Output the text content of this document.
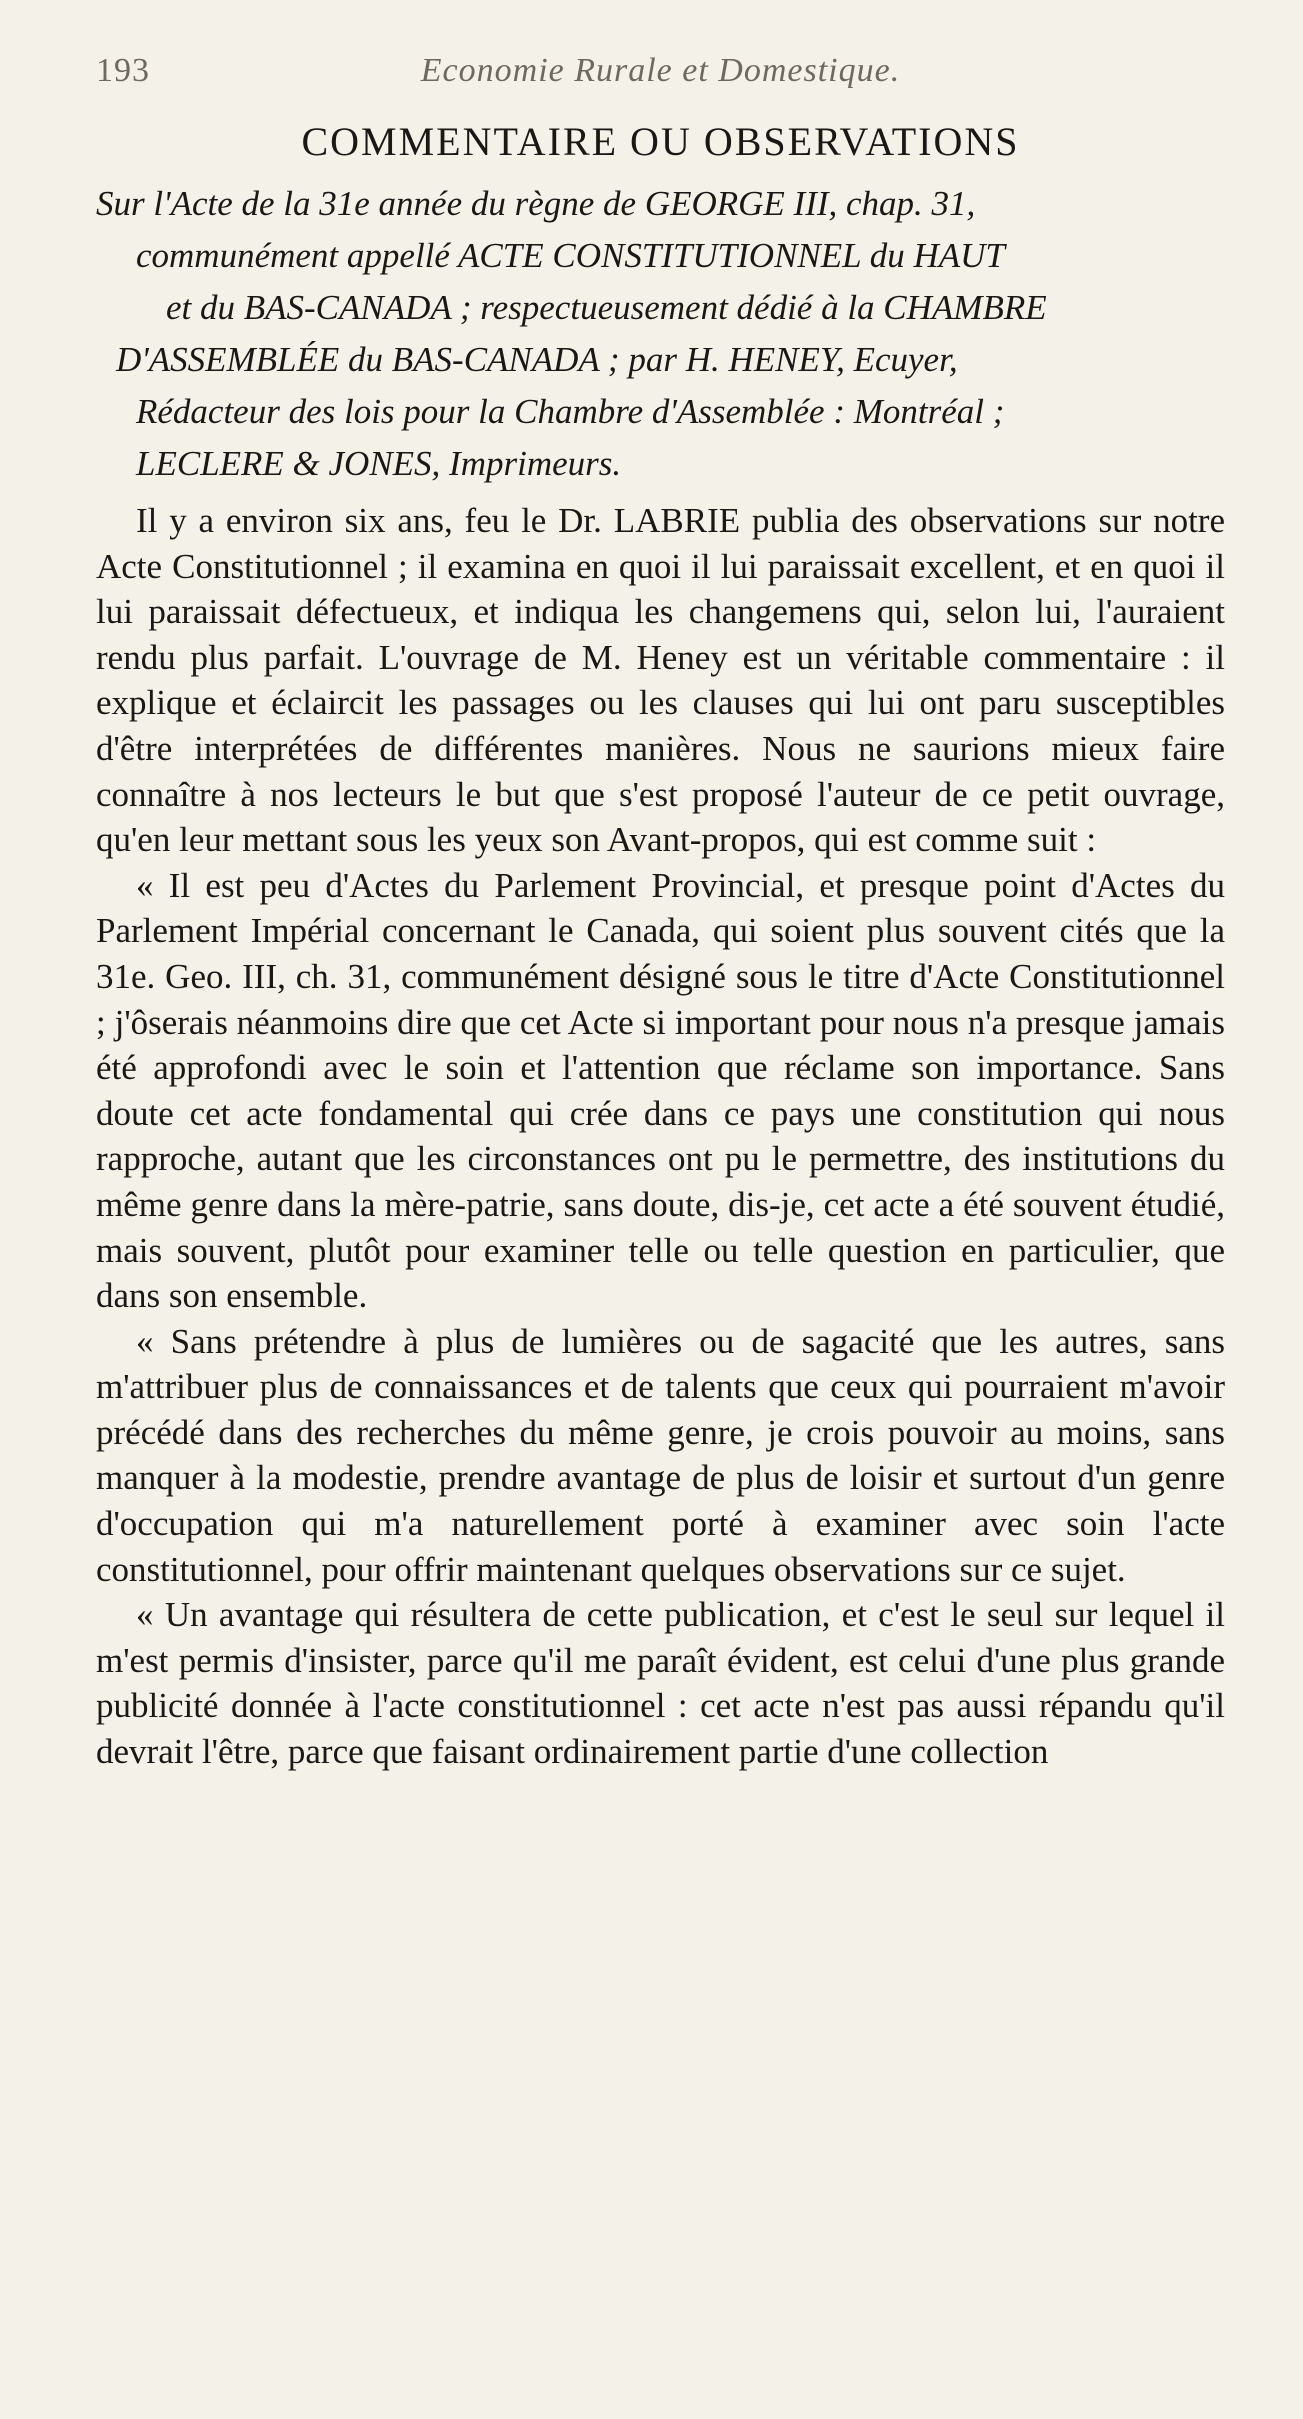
193	Economie Rurale et Domestique.
COMMENTAIRE OU OBSERVATIONS
Sur l'Acte de la 31e année du règne de GEORGE III, chap. 31,
communément appellé ACTE CONSTITUTIONNEL du HAUT
et du BAS-CANADA ; respectueusement dédié à la CHAMBRE
D'ASSEMBLÉE du BAS-CANADA ; par H. HENEY, Ecuyer,
Rédacteur des lois pour la Chambre d'Assemblée : Montréal ;
LECLERE & JONES, Imprimeurs.

Il y a environ six ans, feu le Dr. LABRIE publia des observations sur notre Acte Constitutionnel ; il examina en quoi il lui paraissait excellent, et en quoi il lui paraissait défectueux, et indiqua les changemens qui, selon lui, l'auraient rendu plus parfait. L'ouvrage de M. Heney est un véritable commentaire : il explique et éclaircit les passages ou les clauses qui lui ont paru susceptibles d'être interprétées de différentes manières. Nous ne saurions mieux faire connaître à nos lecteurs le but que s'est proposé l'auteur de ce petit ouvrage, qu'en leur mettant sous les yeux son Avant-propos, qui est comme suit :

« Il est peu d'Actes du Parlement Provincial, et presque point d'Actes du Parlement Impérial concernant le Canada, qui soient plus souvent cités que la 31e. Geo. III, ch. 31, communément désigné sous le titre d'Acte Constitutionnel ; j'ôserais néanmoins dire que cet Acte si important pour nous n'a presque jamais été approfondi avec le soin et l'attention que réclame son importance. Sans doute cet acte fondamental qui crée dans ce pays une constitution qui nous rapproche, autant que les circonstances ont pu le permettre, des institutions du même genre dans la mère-patrie, sans doute, dis-je, cet acte a été souvent étudié, mais souvent, plutôt pour examiner telle ou telle question en particulier, que dans son ensemble.

« Sans prétendre à plus de lumières ou de sagacité que les autres, sans m'attribuer plus de connaissances et de talents que ceux qui pourraient m'avoir précédé dans des recherches du même genre, je crois pouvoir au moins, sans manquer à la modestie, prendre avantage de plus de loisir et surtout d'un genre d'occupation qui m'a naturellement porté à examiner avec soin l'acte constitutionnel, pour offrir maintenant quelques observations sur ce sujet.

« Un avantage qui résultera de cette publication, et c'est le seul sur lequel il m'est permis d'insister, parce qu'il me paraît évident, est celui d'une plus grande publicité donnée à l'acte constitutionnel : cet acte n'est pas aussi répandu qu'il devrait l'être, parce que faisant ordinairement partie d'une collection
